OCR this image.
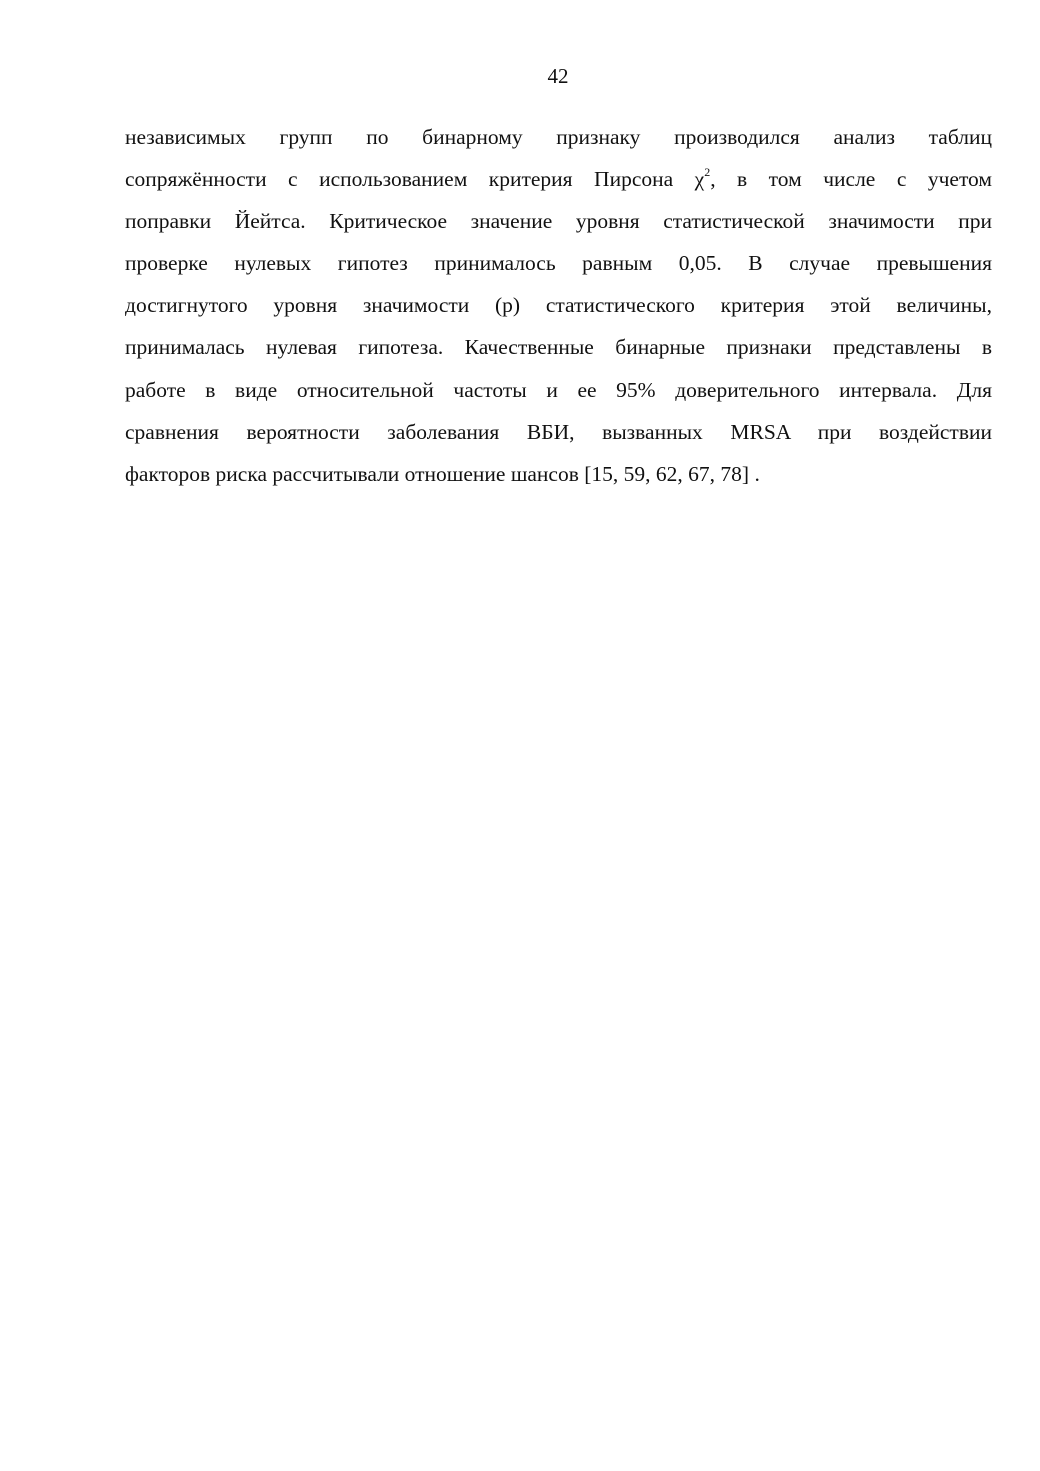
42
независимых групп по бинарному признаку производился анализ таблиц
сопряжённости с использованием критерия Пирсона $\chi^2$, в том числе с учетом
поправки Йейтса. Критическое значение уровня статистической значимости при
проверке нулевых гипотез принималось равным 0,05. В случае превышения
достигнутого уровня значимости (p) статистического критерия этой величины,
принималась нулевая гипотеза. Качественные бинарные признаки представлены в
работе в виде относительной частоты и ее 95% доверительного интервала. Для
сравнения вероятности заболевания ВБИ, вызванных MRSA при воздействии
факторов риска рассчитывали отношение шансов [15, 59, 62, 67, 78] .
